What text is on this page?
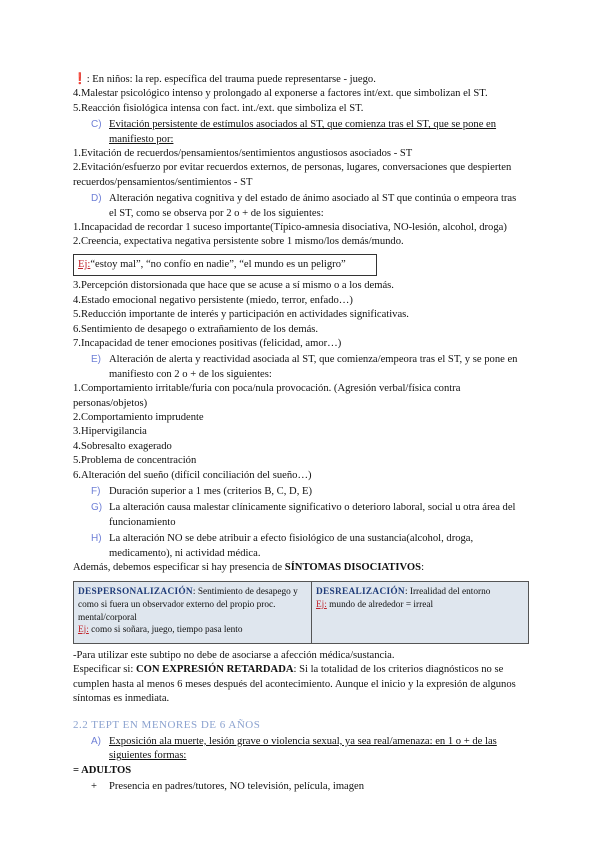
❗: En niños: la rep. específica del trauma puede representarse - juego.

4.Malestar psicológico intenso y prolongado al exponerse a factores int/ext. que simbolizan el ST.

5.Reacción fisiológica intensa con fact. int./ext. que simboliza el ST.

C) Evitación persistente de estímulos asociados al ST, que comienza tras el ST, que se pone en manifiesto por:

1.Evitación de recuerdos/pensamientos/sentimientos angustiosos asociados - ST

2.Evitación/esfuerzo por evitar recuerdos externos, de personas, lugares, conversaciones que despierten recuerdos/pensamientos/sentimientos - ST

D) Alteración negativa cognitiva y del estado de ánimo asociado al ST que continúa o empeora tras el ST, como se observa por 2 o + de los siguientes:

1.Incapacidad de recordar 1 suceso importante(Típico-amnesia disociativa, NO-lesión, alcohol, droga)

2.Creencia, expectativa negativa persistente sobre 1 mismo/los demás/mundo.

Ej:“estoy mal”, “no confío en nadie”, “el mundo es un peligro”

3.Percepción distorsionada que hace que se acuse a sí mismo o a los demás.

4.Estado emocional negativo persistente (miedo, terror, enfado…)

5.Reducción importante de interés y participación en actividades significativas.

6.Sentimiento de desapego o extrañamiento de los demás.

7.Incapacidad de tener emociones positivas (felicidad, amor…)

E) Alteración de alerta y reactividad asociada al ST, que comienza/empeora tras el ST, y se pone en manifiesto con 2 o + de los siguientes:

1.Comportamiento irritable/furia con poca/nula provocación. (Agresión verbal/física contra personas/objetos)

2.Comportamiento imprudente

3.Hipervigilancia

4.Sobresalto exagerado

5.Problema de concentración

6.Alteración del sueño (difícil conciliación del sueño…)

F) Duración superior a 1 mes (criterios B, C, D, E)
G) La alteración causa malestar clínicamente significativo o deterioro laboral, social u otra área del funcionamiento
H) La alteración NO se debe atribuir a efecto fisiológico de una sustancia(alcohol, droga, medicamento), ni actividad médica.

Además, debemos especificar si hay presencia de SÍNTOMAS DISOCIATIVOS:

DESPERSONALIZACIÓN: Sentimiento de desapego y como si fuera un observador externo del propio proc. mental/corporal
Ej: como si soñara, juego, tiempo pasa lento
DESREALIZACIÓN: Irrealidad del entorno
Ej: mundo de alrededor = irreal

-Para utilizar este subtipo no debe de asociarse a afección médica/sustancia.

Especificar si: CON EXPRESIÓN RETARDADA: Si la totalidad de los criterios diagnósticos no se cumplen hasta al menos 6 meses después del acontecimiento. Aunque el inicio y la expresión de algunos síntomas es inmediata.

2.2 TEPT EN MENORES DE 6 AÑOS

A) Exposición ala muerte, lesión grave o violencia sexual, ya sea real/amenaza: en 1 o + de las siguientes formas:

= ADULTOS

+	Presencia en padres/tutores, NO televisión, película, imagen
